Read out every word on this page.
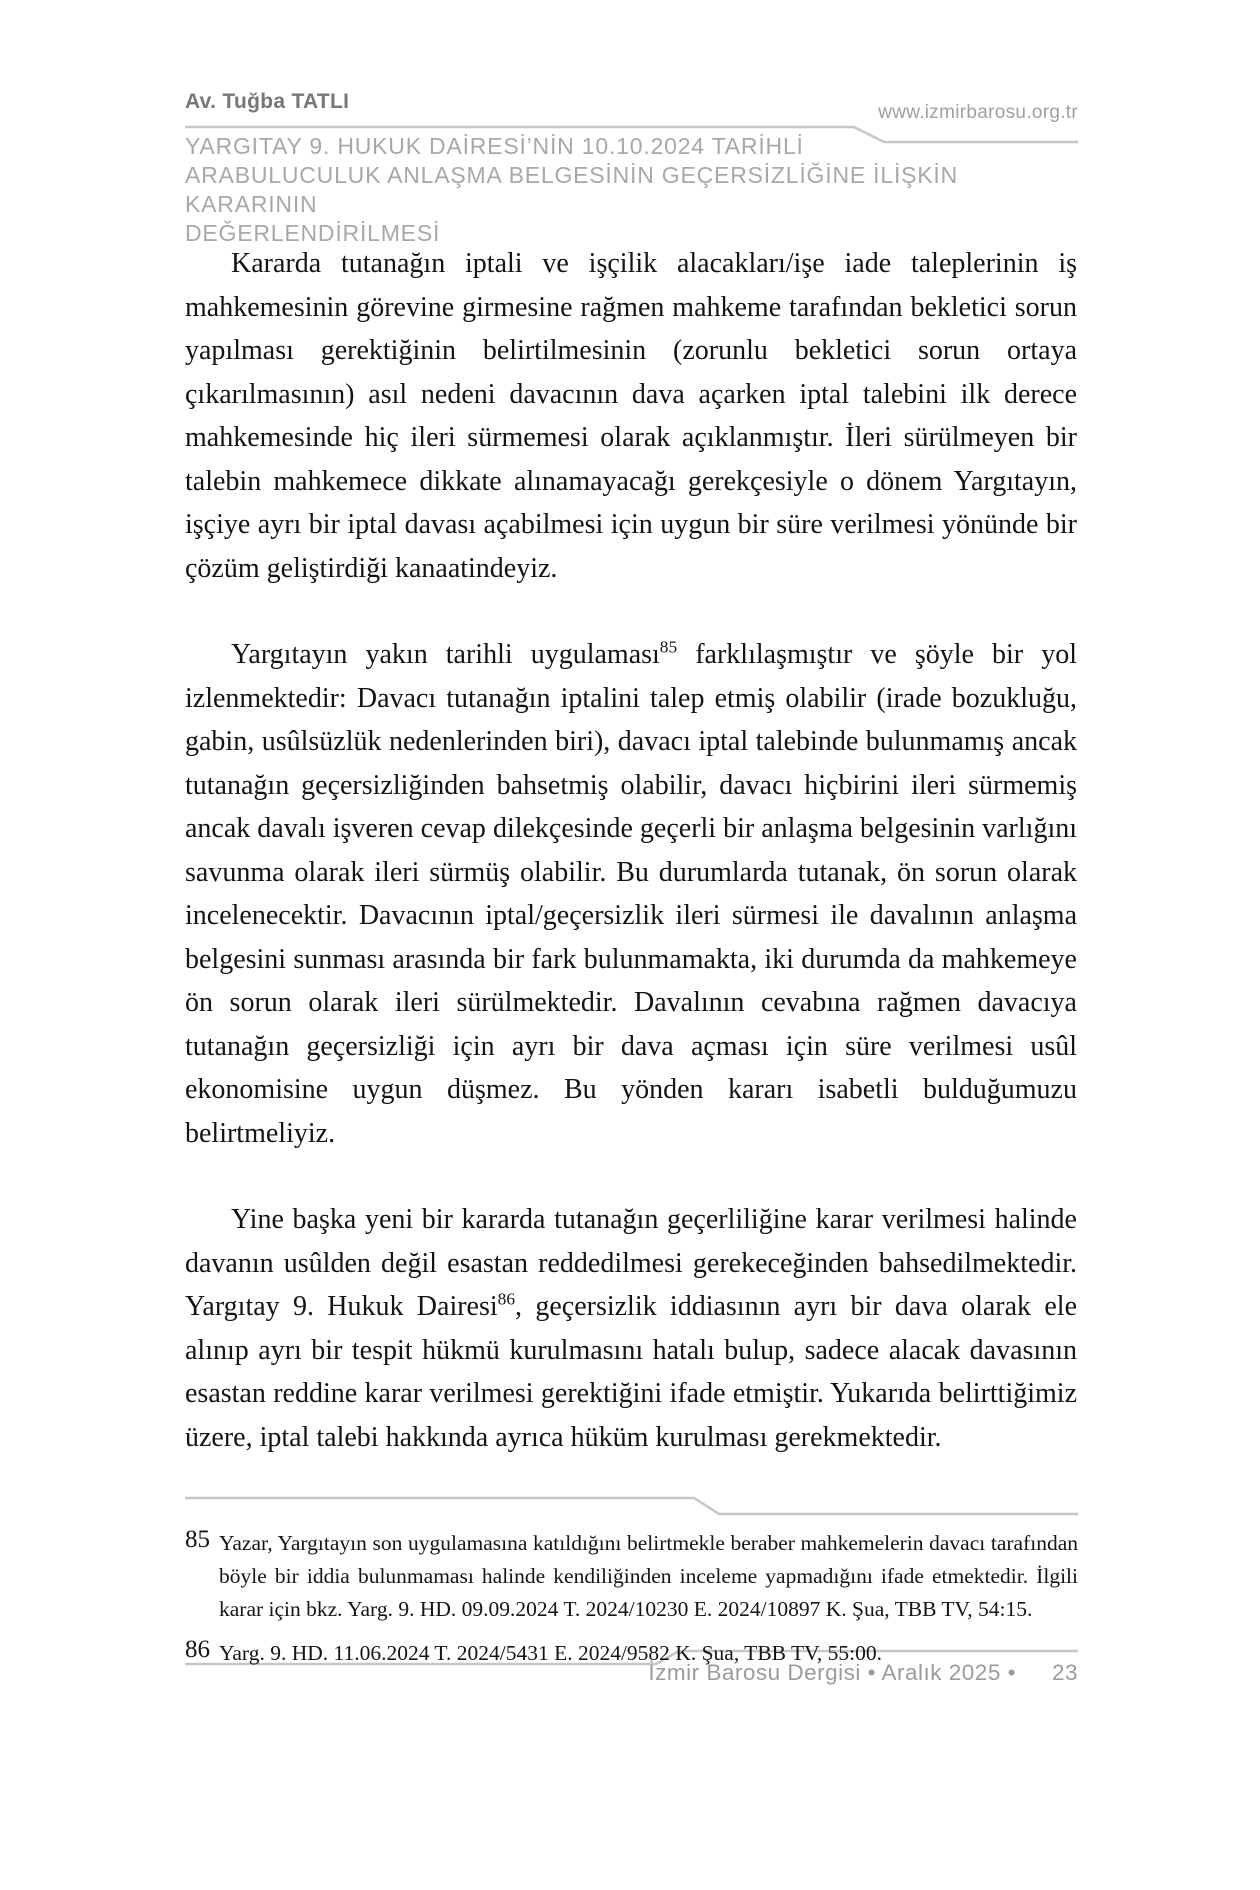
Av. Tuğba TATLI	www.izmirbarosu.org.tr
YARGITAY 9. HUKUK DAİRESİ’NİN 10.10.2024 TARİHLİ
ARABULUCULUK ANLAŞMA BELGESİNİN GEÇERSİZLİĞİNE İLİŞKİN KARARININ
DEĞERLENDİRİLMESİ

Kararda tutanağın iptali ve işçilik alacakları/işe iade taleplerinin iş mahkemesinin görevine girmesine rağmen mahkeme tarafından bekletici sorun yapılması gerektiğinin belirtilmesinin (zorunlu bekletici sorun ortaya çıkarılmasının) asıl nedeni davacının dava açarken iptal talebini ilk derece mahkemesinde hiç ileri sürmemesi olarak açıklanmıştır. İleri sürülmeyen bir talebin mahkemece dikkate alınamayacağı gerekçesiyle o dönem Yargıtayın, işçiye ayrı bir iptal davası açabilmesi için uygun bir süre verilmesi yönünde bir çözüm geliştirdiği kanaatindeyiz.

Yargıtayın yakın tarihli uygulaması$^{85}$ farklılaşmıştır ve şöyle bir yol izlenmektedir: Davacı tutanağın iptalini talep etmiş olabilir (irade bozukluğu, gabin, usûlsüzlük nedenlerinden biri), davacı iptal talebinde bulunmamış ancak tutanağın geçersizliğinden bahsetmiş olabilir, davacı hiçbirini ileri sürmemiş ancak davalı işveren cevap dilekçesinde geçerli bir anlaşma belgesinin varlığını savunma olarak ileri sürmüş olabilir. Bu durumlarda tutanak, ön sorun olarak incelenecektir. Davacının iptal/geçersizlik ileri sürmesi ile davalının anlaşma belgesini sunması arasında bir fark bulunmamakta, iki durumda da mahkemeye ön sorun olarak ileri sürülmektedir. Davalının cevabına rağmen davacıya tutanağın geçersizliği için ayrı bir dava açması için süre verilmesi usûl ekonomisine uygun düşmez. Bu yönden kararı isabetli bulduğumuzu belirtmeliyiz.

Yine başka yeni bir kararda tutanağın geçerliliğine karar verilmesi halinde davanın usûlden değil esastan reddedilmesi gerekeceğinden bahsedilmektedir. Yargıtay 9. Hukuk Dairesi$^{86}$, geçersizlik iddiasının ayrı bir dava olarak ele alınıp ayrı bir tespit hükmü kurulmasını hatalı bulup, sadece alacak davasının esastan reddine karar verilmesi gerektiğini ifade etmiştir. Yukarıda belirttiğimiz üzere, iptal talebi hakkında ayrıca hüküm kurulması gerekmektedir.

85 Yazar, Yargıtayın son uygulamasına katıldığını belirtmekle beraber mahkemelerin davacı tarafından böyle bir iddia bulunmaması halinde kendiliğinden inceleme yapmadığını ifade etmektedir. İlgili karar için bkz. Yarg. 9. HD. 09.09.2024 T. 2024/10230 E. 2024/10897 K. Şua, TBB TV, 54:15.
86 Yarg. 9. HD. 11.06.2024 T. 2024/5431 E. 2024/9582 K. Şua, TBB TV, 55:00.
İzmir Barosu Dergisi • Aralık 2025 • 23
